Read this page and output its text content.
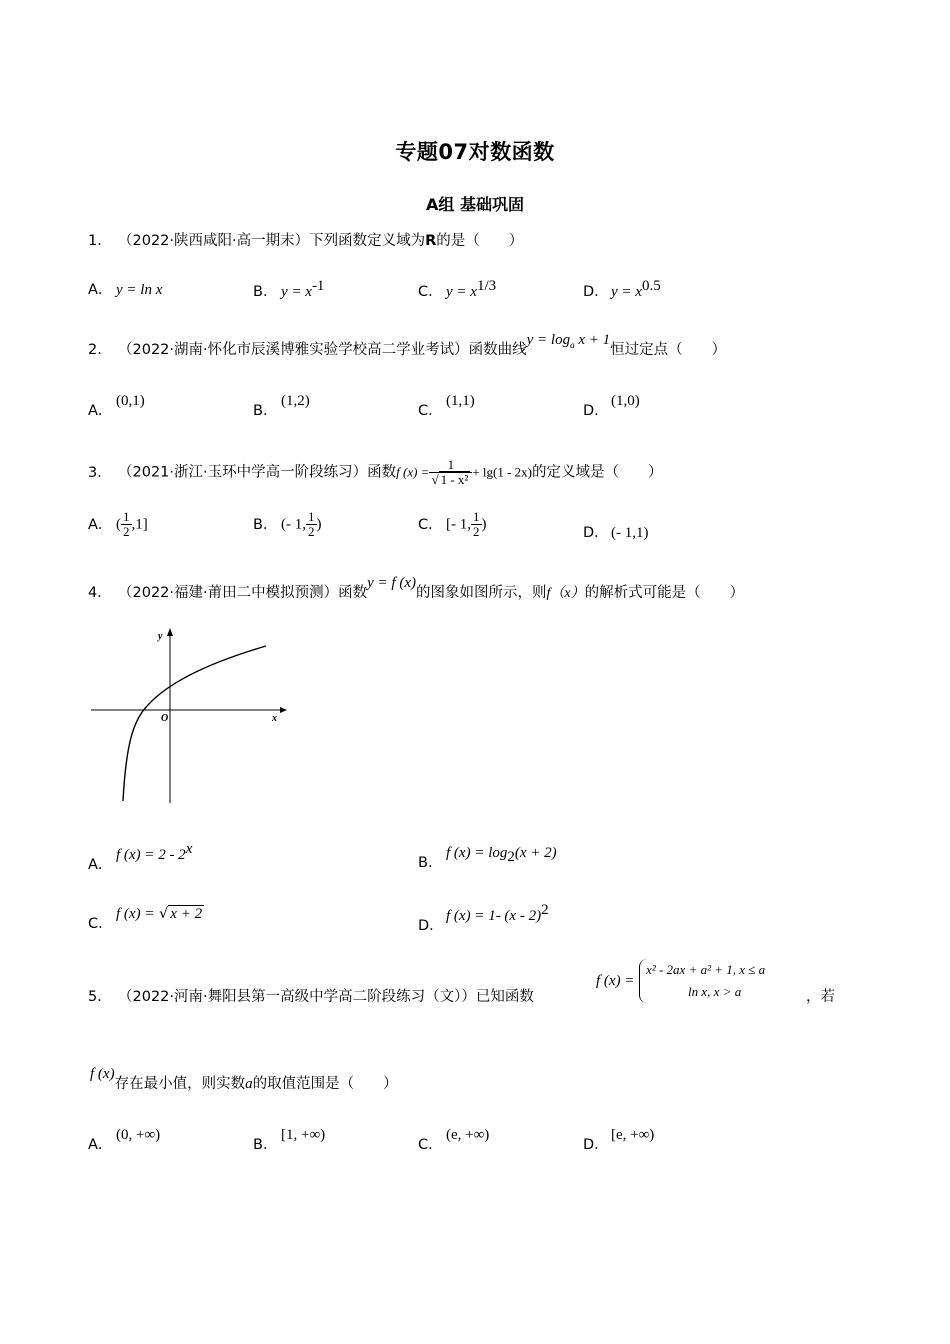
专题07对数函数
A组 基础巩固
1． （2022·陕西咸阳·高一期末）下列函数定义域为R的是（　　）
A． y = ln x	B． $y = x^{-1}$	C． $y = x^{1/3}$	D． $y = x^{0.5}$
2． （2022·湖南·怀化市辰溪博雅实验学校高二学业考试）函数曲线$y = \log_a x + 1$恒过定点（　　）
A．(0,1)
B．(1,2)
C．(1,1)
D．(1,0)
3． （2021·浙江·玉环中学高一阶段练习）函数f $(x) = \frac{1}{\text{√ 1 - x²}} + \lg(1 - 2x)$的定义域是（　　）
A． ( $\frac{1}{2} ,1$]	B． (- 1, $\frac{1}{2}$ )	C． [- 1, $\frac{1}{2}$ )
D． (- 1,1)
4． （2022·福建·莆田二中模拟预测）函数y = f (x)的图象如图所示，则f（x）的解析式可能是（　　）
y
x
O
A．f (x) = 2 - 2$^x$
B．f $(x) = \log_2(x + 2)$
C．f (x) = √ x + 2
D．f (x) = 1- (x - 2)$^2$
5． （2022·河南·舞阳县第一高级中学高二阶段练习（文））已知函数
f (x) =
x² - 2ax + a² + 1, x ≤ a
ln x, x > a	，若
f (x)存在最小值，则实数a的取值范围是（　　）
A．(0, +∞)
B．[1, +∞)
C．(e, +∞)
D．[e, +∞)
